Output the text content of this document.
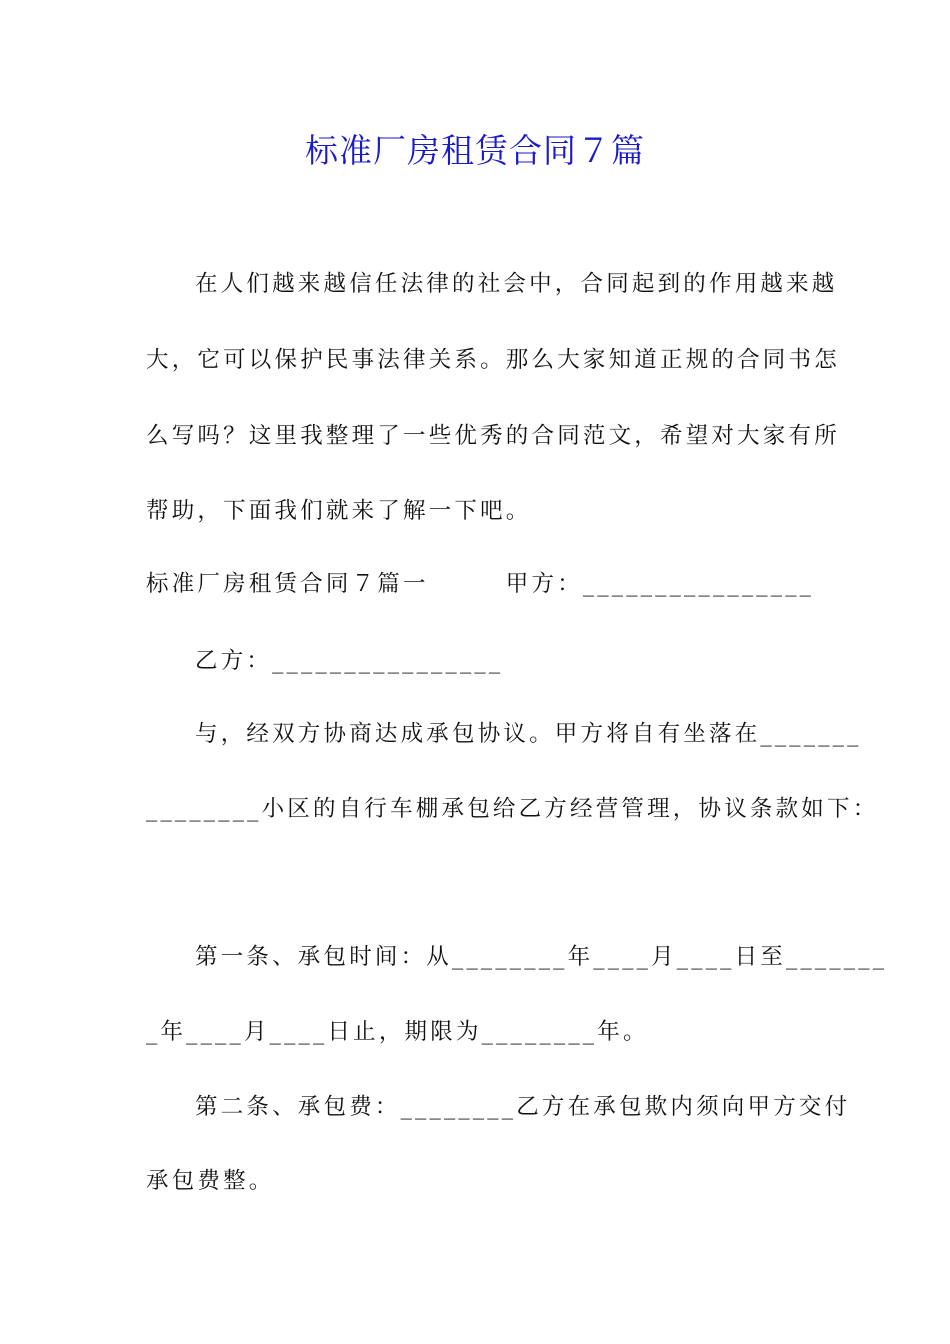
标准厂房租赁合同７篇
在人们越来越信任法律的社会中，合同起到的作用越来越
大，它可以保护民事法律关系。那么大家知道正规的合同书怎
么写吗？这里我整理了一些优秀的合同范文，希望对大家有所
帮助，下面我们就来了解一下吧。
标准厂房租赁合同７篇一　　　甲方：________________
乙方：________________
与，经双方协商达成承包协议。甲方将自有坐落在_______
________小区的自行车棚承包给乙方经营管理，协议条款如下：
第一条、承包时间：从________年____月____日至_______
_年____月____日止，期限为________年。
第二条、承包费：________乙方在承包欺内须向甲方交付
承包费整。
